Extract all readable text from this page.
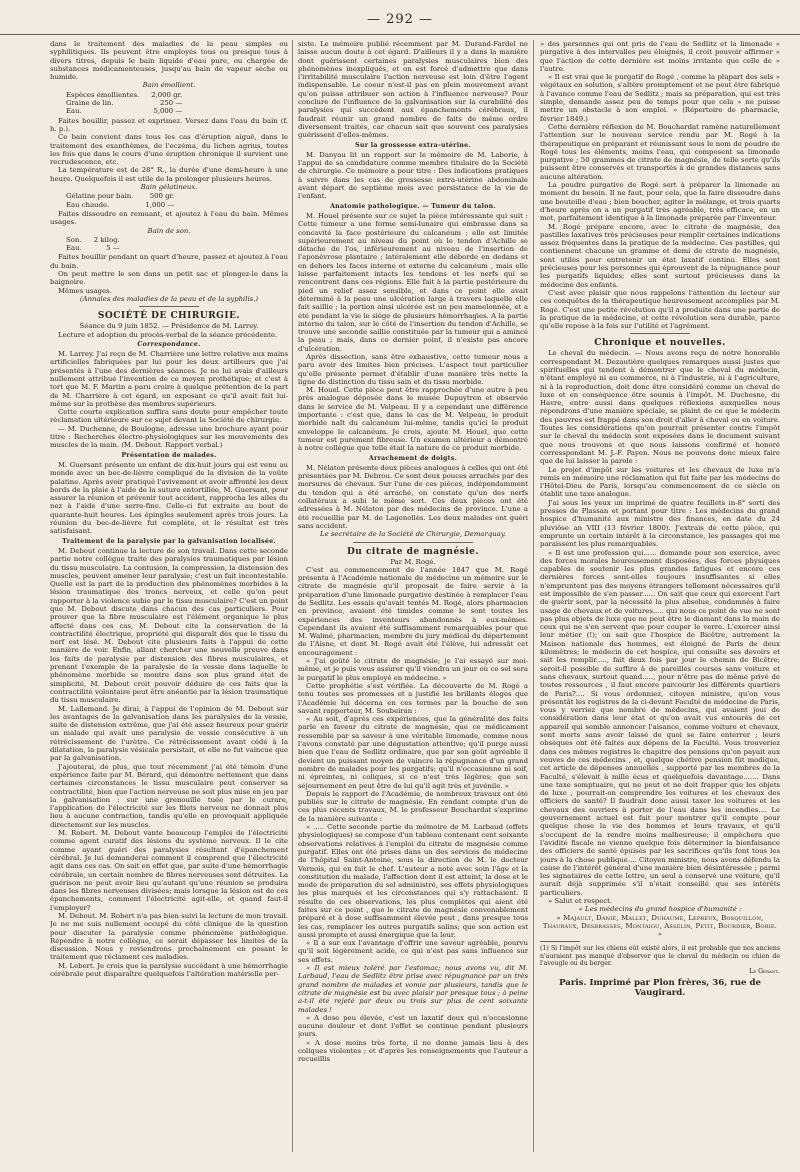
— 292 —

dans le traitement des maladies de la peau simples ou syphilitiques. Ils peuvent être employés tous ou presque tous à divers titres, depuis le bain liquide d'eau pure, ou chargée de substances médicamenteuses, jusqu'au bain de vapeur sèche ou humide.

Bain émollient.

Espèces émollientes.	2,000 gr.
Graine de lin.	250 —
Eau.	5,000 —

Faites bouillir, passez et exprimez. Versez dans l'eau du bain (f. h. p.).

Ce bain convient dans tous les cas d'éruption aiguë, dans le traitement des exanthèmes, de l'eczéma, du lichen agrius, toutes les fois que dans le cours d'une éruption chronique il survient une recrudescence, etc.

La température est de 28° R., la durée d'une demi-heure à une heure. Quelquefois il est utile de la prolonger plusieurs heures.

Bain gélatineux.

Gélatine pour bain.	500 gr.
Eau chaude.	1,000 —

Faites dissoudre en remuant, et ajoutez à l'eau du bain. Mêmes usages.

Bain de son.

Son.	2 kilog.
Eau.	5 —

Faites bouillir pendant un quart d'heure, passez et ajoutez à l'eau du bain.

On peut mettre le son dans un petit sac et plongez-le dans la baignoire.

Mêmes usages.

(Annales des maladies de la peau et de la syphilis.)

SOCIÉTÉ DE CHIRURGIE.

Séance du 9 juin 1852. — Présidence de M. Larrey.

Lecture et adoption du procès-verbal de la séance précédente.

Correspondance.

M. Larrey. J'ai reçu de M. Charrière une lettre relative aux mains artificielles fabriquées par lui pour les deux artilleurs que j'ai présentés à l'une des dernières séances. Je ne lui avais d'ailleurs nullement attribué l'invention de ce moyen prothétique; et c'est à tort que M. F. Martin a paru croire à quelque prétention de la part de M. Charrière à cet égard, en exposant ce qu'il avait fait lui-même sur la prothèse des membres supérieurs.

Cette courte explication suffira sans doute pour empêcher toute réclamation ultérieure sur ce sujet devant la Société de chirurgie.

— M. Duchenne, de Boulogne, adresse une brochure ayant pour titre : Recherches électro-physiologiques sur les mouvements des muscles de la main. (M. Debout. Rapport verbal.)

Présentation de malades.

M. Guersant présente un enfant de dix-huit jours qui est venu au monde avec un bec-de-lièvre compliqué de la division de la voûte palatine. Après avoir pratiqué l'avivement et avoir affronté les deux bords de la plaie à l'aide de la suture entortillée, M. Guersant, pour assurer la réunion et prévenir tout accident, rapprocha les ailes du nez à l'aide d'une serre-fine. Celle-ci fut extraite au bout de quarante-huit heures. Les épingles seulement après trois jours. La réunion du bec-de-lièvre fut complète, et le résultat est très satisfaisant.

Traitement de la paralysie par la galvanisation localisée.

M. Debout continue la lecture de son travail. Dans cette seconde partie notre collègue traite des paralysies traumatiques par lésion du tissu musculaire. La contusion, la compression, la distension des muscles, peuvent amener leur paralysie; c'est un fait incontestable. Quelle est la part de la production des phénomènes morbides à la lésion traumatique des troncs nerveux, et celle qu'on peut rapporter à la violence subie par le tissu musculaire? C'est un point que M. Debout discute dans chacun des cas particuliers. Pour prouver que la fibre musculaire est l'élément organique le plus affecté dans ces cas, M. Debout cite la conservation de la contractilité électrique, propriété qui disparaît dès que le tissu du nerf est lésé. M. Debout cite plusieurs faits à l'appui de cette manière de voir. Enfin, allant chercher une nouvelle preuve dans les faits de paralysie par distension des fibres musculaires, et prenant l'exemple de la paralysie de la vessie dans laquelle le phénomène morbide se montre dans son plus grand état de simplicité, M. Debout croit pouvoir déduire de ces faits que la contractilité volontaire peut être anéantie par la lésion traumatique du tissu musculaire.

M. Lallemand. Je dirai, à l'appui de l'opinion de M. Debout sur les avantages de la galvanisation dans les paralysies de la vessie, suite de distension extrême, que j'ai été assez heureux pour guérir un malade qui avait une paralysie de vessie consécutive à un rétrécissement de l'urètre. Ce rétrécissement avant cédé à la dilatation, la paralysie vésicale persistait, et elle ne fut vaincue que par la galvanisation.

J'ajouterai, de plus, que tout récemment j'ai été témoin d'une expérience faite par M. Bérard, qui démontre nettement que dans certaines circonstances le tissu musculaire peut conserver sa contractilité, bien que l'action nerveuse ne soit plus mise en jeu par la galvanisation : sur une grenouille tuée par le curare, l'application de l'électricité sur les filets nerveux ne donnait plus lieu à aucune contraction, tandis qu'elle en provoquait appliquée directement sur les muscles.

M. Robert. M. Debout vante beaucoup l'emploi de l'électricité comme agent curatif des lésions du système nerveux. Il le cite comme ayant guéri des paralysies résultant d'épanchement cérébral. Je lui demanderai comment il comprend que l'électricité agit dans ces cas. On sait en effet que, par suite d'une hémorrhagie cérébrale, un certain nombre de fibres nerveuses sont détruites. La guérison ne peut avoir lieu qu'autant qu'une réunion se produira dans les fibres nerveuses divisées; mais lorsque la lésion est de ces épanchements, comment l'électricité agit-elle, et quand faut-il l'employer?

M. Debout. M. Robert n'a pas bien suivi la lecture de mon travail. Je ne me suis nullement occupé du côté clinique de la question pour discuter la paralysie comme phénomène pathologique. Répondre à notre collègue, ce serait dépasser les limites de la discussion. Nous y reviendrons prochainement en posant le traitement que réclament ces maladies.

M. Lebert. Je crois que la paralysie succédant à une hémorrhagie cérébrale peut disparaître quelquefois l'altération matérielle per-

siste. Le mémoire publié récemment par M. Durand-Fardel ne laisse aucun doute à cet égard. D'ailleurs il y a dans la manière dont guérissent certaines paralysies musculaires bien des phénomènes inexpliqués, et on est forcé d'admettre que dans l'irritabilité musculaire l'action nerveuse est loin d'être l'agent indispensable. Le coeur n'est-il pas en plein mouvement avant qu'on puisse attribuer son action à l'influence nerveuse? Pour conclure de l'influence de la galvanisation sur la curabilité des paralysies qui succèdent aux épanchements cérébraux, il faudrait réunir un grand nombre de faits de même ordre diversement traités, car chacun sait que souvent ces paralysies guérissent d'elles-mêmes.

Sur la grossesse extra-utérine.

M. Danyau lit un rapport sur le mémoire de M. Laborie, à l'appui de sa candidature comme membre titulaire de la Société de chirurgie. Ce mémoire a pour titre : Des indications pratiques à suivre dans les cas de grossesse extra-utérine abdominale avant départ de septième mois avec persistance de la vie de l'enfant.

Anatomie pathologique. — Tumeur du talon.

M. Houel présente sur ce sujet la pièce intéressante qui suit : Cette tumeur a une forme semi-lunaire qui embrasse dans sa concavité la face postérieure du calcanéum ; elle est limitée supérieurement au niveau du point où le tendon d'Achille se détache de l'os, inférieurement au niveau de l'insertion de l'aponévrose plantaire ; latéralement elle déborde en dedans et en dehors les faces interne et externe du calcanéum , mais elle laisse parfaitement intacts les tendons et les nerfs qui se rencontrent dans ces régions. Elle fait à la partie postérieure du pied un relief assez sensible, et dans ce point elle avait déterminé à la peau une ulcération large à travers laquelle elle fait saillie ; la portion ainsi ulcérée est un peu mamelonnée, et a été pendant la vie le siège de plusieurs hémorrhagies. A la partie interne du talon, sur le côté de l'insertion du tendon d'Achille, se trouve une seconde saillie constituée par la tumeur qui a amincé la peau ; mais, dans ce dernier point, il n'existe pas encore d'ulcération.

Après dissection, sans être exhaustive, cette tumeur nous a paru avoir des limites bien précises. L'aspect tout particulier qu'elle présente permet d'établir d'une manière très nette la ligne de distinction du tissu sain et du tissu morbide.

M. Houel. Cette pièce peut être rapprochée d'une autre à peu près analogue déposée dans le musée Dupuytren et observée dans le service de M. Velpeau. Il y a cependant une différence importante : c'est que, dans le cas de M. Velpeau, le produit morbide naît du calcanéum lui-même, tandis qu'ici le produit enveloppe le calcanéum. Je crois, ajoute M. Houel, que cette tumeur est purement fibreuse. Un examen ultérieur a démontré à notre collègue que telle était la nature de ce produit morbide.

Arrachement de doigts.

M. Nélaton présente deux pièces analogues à celles qui ont été présentées par M. Debrou. Ce sont deux pouces arrachés par des morsures de chevaux. Sur l'une de ces pièces, indépendamment du tendon qui a été arraché, on constate qu'un des nerfs collatéraux a subi le même sort. Ces deux pièces ont été adressées à M. Nélaton par des médecins de province. L'une a été recueillie par M. de Lagenollès. Les deux malades ont guéri sans accident.

Le secrétaire de la Société de Chirurgie, Demarquay.

Du citrate de magnésie.

Par M. Rogé.

C'est au commencement de l'année 1847 que M. Rogé présenta à l'Académie nationale de médecine un mémoire sur le citrate de magnésie qu'il proposait de faire servir à la préparation d'une limonade purgative destinée à remplacer l'eau de Sedlitz. Les essais qu'avait tentés M. Rogé, alors pharmacien en province, avaient été timides comme le sont toutes les expériences des inventeurs abandonnés à eux-mêmes. Cependant ils avaient été suffisamment remarquables pour que M. Walmé, pharmacien, membre du jury médical du département de l'Aisne, et dont M. Rogé avait été l'élève, lui adressât cet encouragement :

« J'ai goûté le citrate de magnésie; je l'ai essayé sur moi-même, et je puis vous assurer qu'il viendra un jour où ce sel sera le purgatif le plus employé en médecine. »

Cette prophétie s'est vérifiée. La découverte de M. Rogé a tenu toutes ses promesses et a justifié les brillants éloges que l'Académie lui décerna en ces termes par la bouche de son savant rapporteur, M. Soubeiran :

« Au soit, d'après ces expériences, que la généralité des faits parle en faveur du citrate de magnésie, que ce médicament ressemble par sa saveur à une véritable limonade, comme nous l'avons constaté par une dégustation attentive; qu'il purge aussi bien que l'eau de Sedlitz ordinaire, que par son goût agréable il devient un puissant moyen de vaincre la répugnance d'un grand nombre de malades pour les purgatifs; qu'il n'occasionne ni soif, ni épreintes, ni coliques, si ce n'est très légères; que son séjournement en peut être de lui qu'il agit très et juvénile. »

Depuis le rapport de l'Académie, de nombreux travaux ont été publiés sur le citrate de magnésie. En rendant compte d'un de ces plus récents travaux, M. le professeur Bouchardat s'exprime de la manière suivante :

« ..... Cette seconde partie du mémoire de M. Larbaud (effets physiologiques) se compose d'un tableau contenant cent soixante observations relatives à l'emploi du citrate de magnésie comme purgatif. Elles ont été prises dans un des services de médecine de l'hôpital Saint-Antoine, sous la direction de M. le docteur Vernois, qui en fait le chef. L'auteur a noté avec soin l'âge et la constitution du malade, l'affection dont il est atteint, la dose et le mode de préparation du sel administré, ses effets physiologiques les plus marqués et les circonstances qui s'y rattachaient. Il résulte de ces observations, les plus complètes qui aient été faites sur ce point , que le citrate de magnésie convenablement préparé et à dose suffisamment élevée peut , dans presque tous les cas, remplacer les autres purgatifs salins; que son action est aussi prompte et aussi énergique que la leur.

« Il a sur eux l'avantage d'offrir une saveur agréable, pourvu qu'il soit légèrement acide, ce qui n'est pas sans influence sur ses effets.

« Il est mieux toléré par l'estomac; nous avons vu, dit M. Larbaud, l'eau de Sedlitz être prise avec répugnance par un très grand nombre de malades et vomie par plusieurs, tandis que le citrate de magnésie est bu avec plaisir par presque tous ; à peine a-t-il été rejeté par deux ou trois sur plus de cent soixante malades !

« A dose peu élevée, c'est un laxatif doux qui n'occasionne aucune douleur et dont l'effet se continue pendant plusieurs jours.

« A dose moins très forte, il ne donne jamais lieu à des coliques violentes ; et d'après les renseignements que l'auteur a recueillis

» des personnes qui ont pris de l'eau de Sedlitz et la limonade » purgative à des intervalles peu éloignés, il croit pouvoir affirmer » que l'action de cette dernière est moins irritante que celle de » l'autre.

« Il est vrai que le purgatif de Rogé , comme la plupart des sels » végétaux en solution, s'altère promptement et ne peut être fabriqué à l'avance comme l'eau de Sedlitz ; mais sa préparation, qui est très simple, demande assez peu de temps pour que cela » ne puisse mettre un obstacle à son emploi. » (Répertoire de pharmacie, février 1849.)

Cette dernière réflexion de M. Bouchardat ramène naturellement l'attention sur le nouveau service rendu par M. Rogé à la thérapeutique en préparant et réunissant sous le nom de poudre de Rogé tous les éléments, moins l'eau, qui composent sa limonade purgative ; 50 grammes de citrate de magnésie, de telle sorte qu'ils puissent être conservés et transportés à de grandes distances sans aucune altération.

La poudre purgative de Rogé sert à préparer la limonade au moment du besoin. Il ne faut, pour cela, que la faire dissoudre dans une bouteille d'eau ; bien boucher, agiter le mélange, et trois quarts d'heure après on a un purgatif très agréable, très efficace, en un mot, parfaitement identique à la limonade préparée par l'inventeur.

M. Rogé prépare encore, avec le citrate de magnésie, des pastilles laxatives très précieuses pour remplir certaines indications assez fréquentes dans la pratique de la médecine. Ces pastilles, qui contiennent chacune un gramme et demi de citrate de magnésie, sont utiles pour entretenir un état laxatif continu. Elles sont précieuses pour les personnes qui éprouvent de la répugnance pour les purgatifs liquides; elles sont surtout précieuses dans la médecine des enfants.

C'est avec plaisir que nous rappelons l'attention du lecteur sur ces conquêtes de la thérapeutique heureusement accomplies par M. Rogé. C'est une petite révolution qu'il a produite dans une partie de la pratique de la médecine, et cette révolution sera durable, parce qu'elle repose à la fois sur l'utilité et l'agrément.

Chronique et nouvelles.

Le cheval du médecin. — Nous avons reçu de notre honorable correspondant M. Dezautière quelques remarques aussi justes que spirituelles qui tendent à démontrer que le cheval du médecin, n'étant employé ni au commerce, ni à l'industrie, ni à l'agriculture, ni à la reproduction, doit donc être considéré comme un cheval de luxe et en conséquence être soumis à l'impôt. M. Duchesne, du Havre, entre aussi dans quelques réflexions auxquelles nous répondrons d'une manière spéciale, se plaint de ce que le médecin des pauvres est frappé dans son droit d'aller à cheval ou en voiture. Toutes les considérations qu'on pourrait présenter contre l'impôt sur le cheval du médecin sont exposées dans le document suivant que nous trouvons et que nous laissons confirmé et honoré corresspondant M. J.-F. Payen. Nous ne pouvons donc mieux faire que de lui laisser la parole :

Le projet d'impôt sur les voitures et les chevaux de luxe m'a remis en mémoire une réclamation qui fut faite par les médecins de l'Hôtel-Dieu de Paris, lorsqu'au commencement de ce siècle on établit une taxe analogue.

J'ai sous les yeux un imprimé de quatre feuillets in-8° sorti des presses de Plassan et portant pour titre : Les médecins du grand hospice d'humanité aux ministre des finances, en date du 24 pluviôse an VIII (13 février 1800). J'extrais de cette pièce, qui emprunte un certain intérêt à la circonstance, les passages qui me paraissent les plus remarquables.

« Il est une profession qui...... demande pour son exercice, avec des forces morales heureusement disposées, des forces physiques capables de soutenir les plus grandes fatigues et encore ces dernières forces sont-elles toujours insuffisantes si elles n'empruntent pas des moyens étrangers tellement nécessaires qu'il est impossible de s'en passer...... On sait que ceux qui exercent l'art de guérir sont, par la nécessité la plus absolue, condamnés à faire usage de chevaux et de voitures..... qui nous ce point de vue ne sont pas plus objets de luxe que ne peut être le diamant dans la main de ceux qui ne s'en servent que pour couper le verre. L'exercer ainsi leur métier (!); on sait que l'hospice de Bicêtre, autrement la Maison nationale des hommes, est éloigné de Paris de deux kilomètres; le médecin de cet hospice, qui consulte ses devoirs et sait les remplir....., fait deux fois par jour le chemin de Bicêtre; seroit-il possible de suffire à de pareilles courses sans voiture et sans chevaux, surtout quand....., pour n'être pas de même privé de toutes ressources , il faut encore parcourir les différents quartiers de Paris?.... Si vous ordonniez, citoyen ministre, qu'on vous présentât les registres de la ci-devant Faculté de médecine de Paris, vous y verriez que nombre de médecins, qui avaient joui de considération dans leur état et qu'on avait vus entourés de cet appareil qui semble annoncer l'aisance, comme voiture et chevaux, sont morts sans avoir laissé de quoi se faire enterrer ; leurs obsèques ont été faites aux dépens de la Faculté. Vous trouveriez dans ces mêmes registres le chapitre des pensions qu'on payait aux veuves de ces médecins , et, quelque chétive pension fût modique, cet article de dépenses annuelles , supporté par les membres de la Faculté, s'élevait à mille écus et quelquefois davantage....... Dans une taxe somptuaire, qui ne peut et ne doit frapper que les objets de luxe , pourrait-on comprendre les voitures et les chevaux des officiers de santé? Il faudrait donc aussi taxer les voitures et les chevaux des ouvriers à porter de l'eau dans les incendies.... Le gouvernement actuel est fait pour montrer qu'il compte pour quelque chose la vie des hommes et leurs travaux, et qu'il s'occupent de la rendre moins malheureuse; il empêchera que l'avidité fiscale ne vienne quelque fois déterminer la bienfaisance des officiers de santé épuisés par les sacrifices qu'ils font tous les jours à la chose publique.... Citoyen ministre, nous avons défendu la cause de l'intérêt général d'une manière bien désintéressée ; parmi les signataires de cette lettre, un seul a conservé une voiture, qu'il aurait déjà supprimée s'il n'était conseillé que ses intérêts particuliers.

» Salut et respect.

« Les médecins du grand hospice d'humanité :

» Majault, Danié, Mallet, Duhaume, Lepreux, Bosquillon, Thauraux, Desbrasses, Montaigu, Asselin, Petit, Bourdier, Borie. »

(1) Si l'impôt sur les chiens eût existé alors, il est probable que nos anciens n'auraient pas manqué d'observer que le cheval du médecin ou chien de l'aveugle ou du berger.

Le Gérant.

Paris. Imprimé par Plon frères, 36, rue de Vaugirard.
